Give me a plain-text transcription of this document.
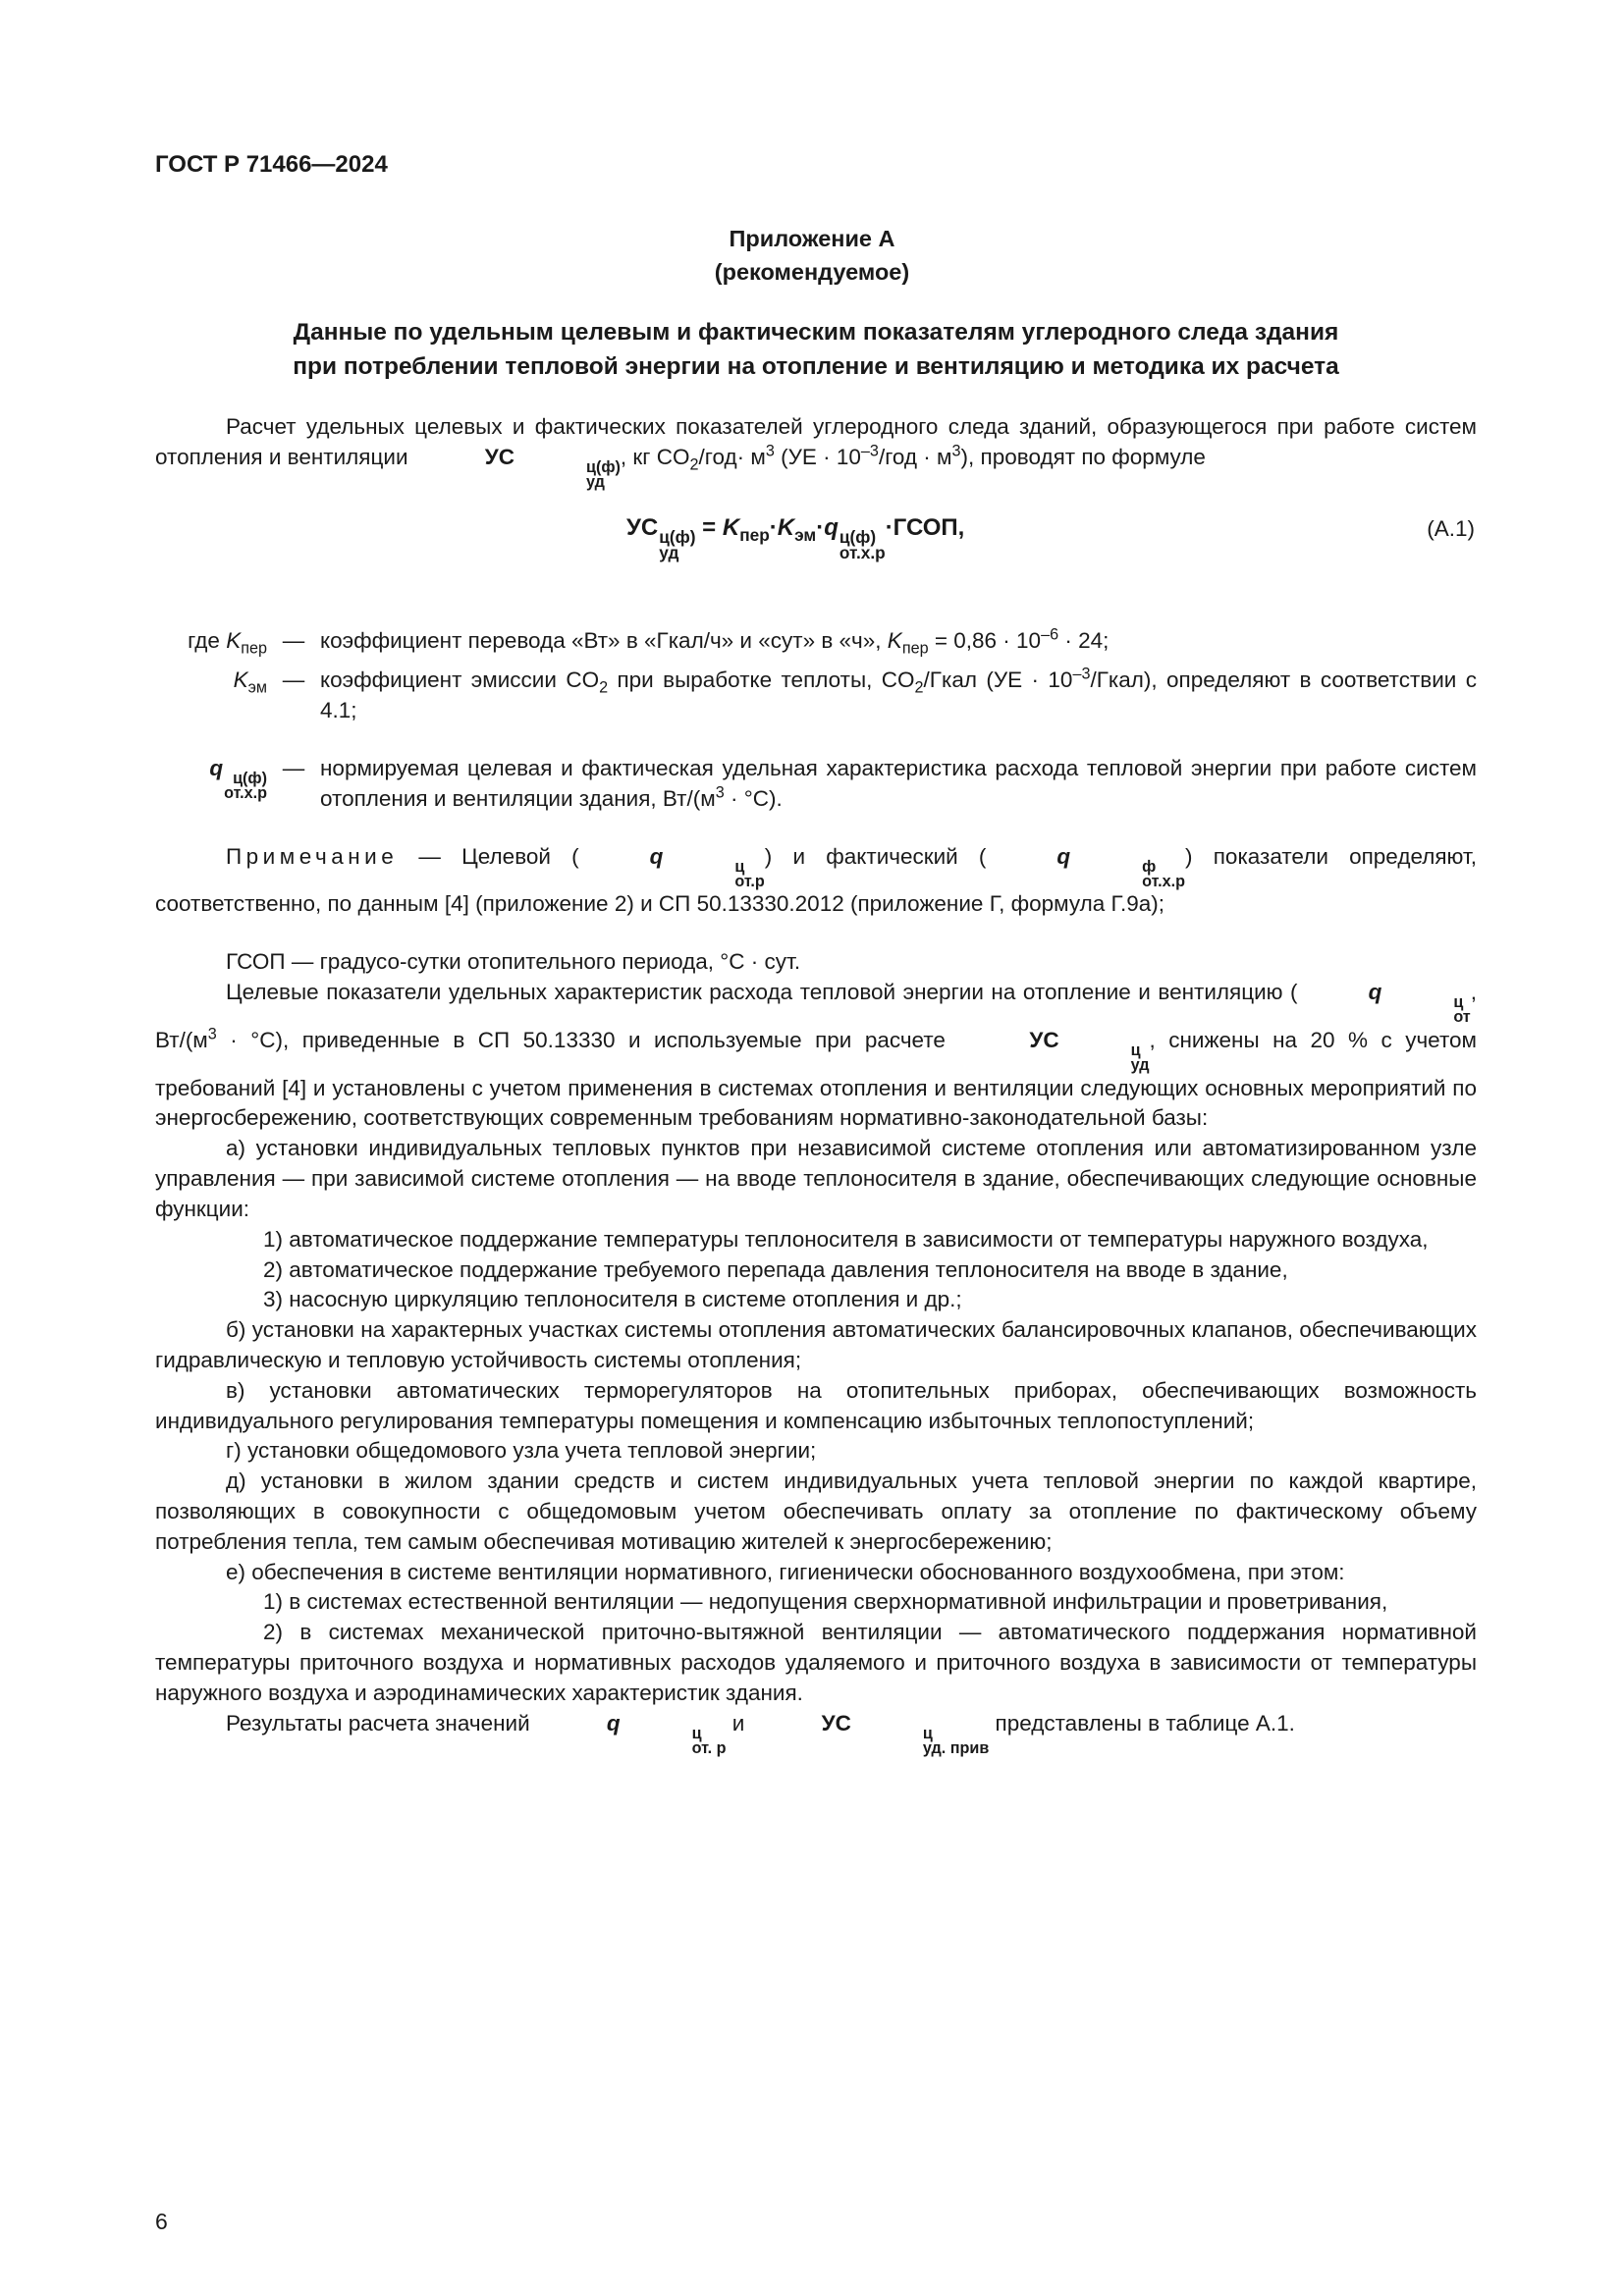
ГОСТ Р 71466—2024
Приложение А
(рекомендуемое)
Данные по удельным целевым и фактическим показателям углеродного следа здания
при потреблении тепловой энергии на отопление и вентиляцию и методика их расчета

Расчет удельных целевых и фактических показателей углеродного следа зданий, образующегося при работе систем отопления и вентиляции	УС	ц(ф)
уд
, кг $CO_2/год\cdot м^3$ ($УЕ \cdot 10^{-3}$/год · $м^3$), проводят по формуле

УС ц(ф)
уд
= $K_{пер}\cdot K_{эм}\cdot q$ ц(ф)
от.х.р
·ГСОП,	(А.1)
где $K_{пер}$ — коэффициент перевода «Вт» в «Гкал/ч» и «сут» в «ч», $K_{пер} = 0,86 \cdot 10^{-6} \cdot 24$;
$K_{эм}$ — коэффициент эмиссии $CO_2$ при выработке теплоты, $CO_2$/Гкал $(УЕ \cdot 10^{-3}/Гкал)$, определяют в соответствии с 4.1;
q ц(ф)
от.х.р
— нормируемая целевая и фактическая удельная характеристика расхода тепловой энергии при работе систем отопления и вентиляции здания, $Вт/(м^3 \cdot ^\circ С)$.

Примечание — Целевой (	q	ц
от.р
) и фактический (	q	ф
от.х.р
) показатели определяют, соответственно, по данным [4] (приложение 2) и СП 50.13330.2012 (приложение Г, формула Г.9а);

ГСОП — градусо-сутки отопительного периода, °С · сут.

Целевые показатели удельных характеристик расхода тепловой энергии на отопление и вентиляцию (	q	ц
от
, $Вт/(м^3 \cdot ^\circ С)$, приведенные в СП 50.13330 и используемые при расчете	УС	ц
уд
, снижены на 20 % с учетом требований [4] и установлены с учетом применения в системах отопления и вентиляции следующих основных мероприятий по энергосбережению, соответствующих современным требованиям нормативно-законодательной базы:

а) установки индивидуальных тепловых пунктов при независимой системе отопления или автоматизированном узле управления — при зависимой системе отопления — на вводе теплоносителя в здание, обеспечивающих следующие основные функции:

1) автоматическое поддержание температуры теплоносителя в зависимости от температуры наружного воздуха,

2) автоматическое поддержание требуемого перепада давления теплоносителя на вводе в здание,

3) насосную циркуляцию теплоносителя в системе отопления и др.;

б) установки на характерных участках системы отопления автоматических балансировочных клапанов, обеспечивающих гидравлическую и тепловую устойчивость системы отопления;

в) установки автоматических терморегуляторов на отопительных приборах, обеспечивающих возможность индивидуального регулирования температуры помещения и компенсацию избыточных теплопоступлений;

г) установки общедомового узла учета тепловой энергии;

д) установки в жилом здании средств и систем индивидуальных учета тепловой энергии по каждой квартире, позволяющих в совокупности с общедомовым учетом обеспечивать оплату за отопление по фактическому объему потребления тепла, тем самым обеспечивая мотивацию жителей к энергосбережению;

е) обеспечения в системе вентиляции нормативного, гигиенически обоснованного воздухообмена, при этом:

1) в системах естественной вентиляции — недопущения сверхнормативной инфильтрации и проветривания,

2) в системах механической приточно-вытяжной вентиляции — автоматического поддержания нормативной температуры приточного воздуха и нормативных расходов удаляемого и приточного воздуха в зависимости от температуры наружного воздуха и аэродинамических характеристик здания.

Результаты расчета значений	q	ц
от. р
и	УС	ц
уд. прив
представлены в таблице А.1.

6
